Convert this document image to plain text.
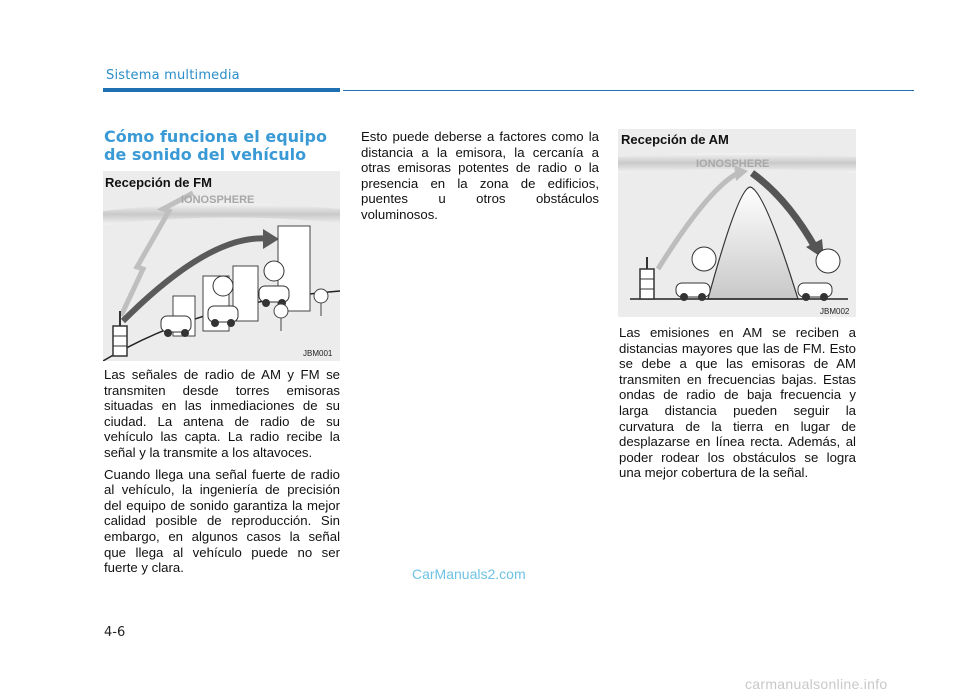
Sistema multimedia
Cómo funciona el equipo de sonido del vehículo
Recepción de FM
IONOSPHERE
JBM001

Las señales de radio de AM y FM se transmiten desde torres emisoras situadas en las inmediaciones de su ciudad. La antena de radio de su vehículo las capta. La radio recibe la señal y la transmite a los altavoces.

Cuando llega una señal fuerte de radio al vehículo, la ingeniería de precisión del equipo de sonido garantiza la mejor calidad posible de reproducción. Sin embargo, en algunos casos la señal que llega al vehículo puede no ser fuerte y clara.

Esto puede deberse a factores como la distancia a la emisora, la cercanía a otras emisoras potentes de radio o la presencia en la zona de edificios, puentes u otros obstáculos voluminosos.

Recepción de AM
IONOSPHERE
JBM002

Las emisiones en AM se reciben a distancias mayores que las de FM. Esto se debe a que las emisoras de AM transmiten en frecuencias bajas. Estas ondas de radio de baja frecuencia y larga distancia pueden seguir la curvatura de la tierra en lugar de desplazarse en línea recta. Además, al poder rodear los obstáculos se logra una mejor cobertura de la señal.

CarManuals2.com
4-6
carmanualsonline.info
